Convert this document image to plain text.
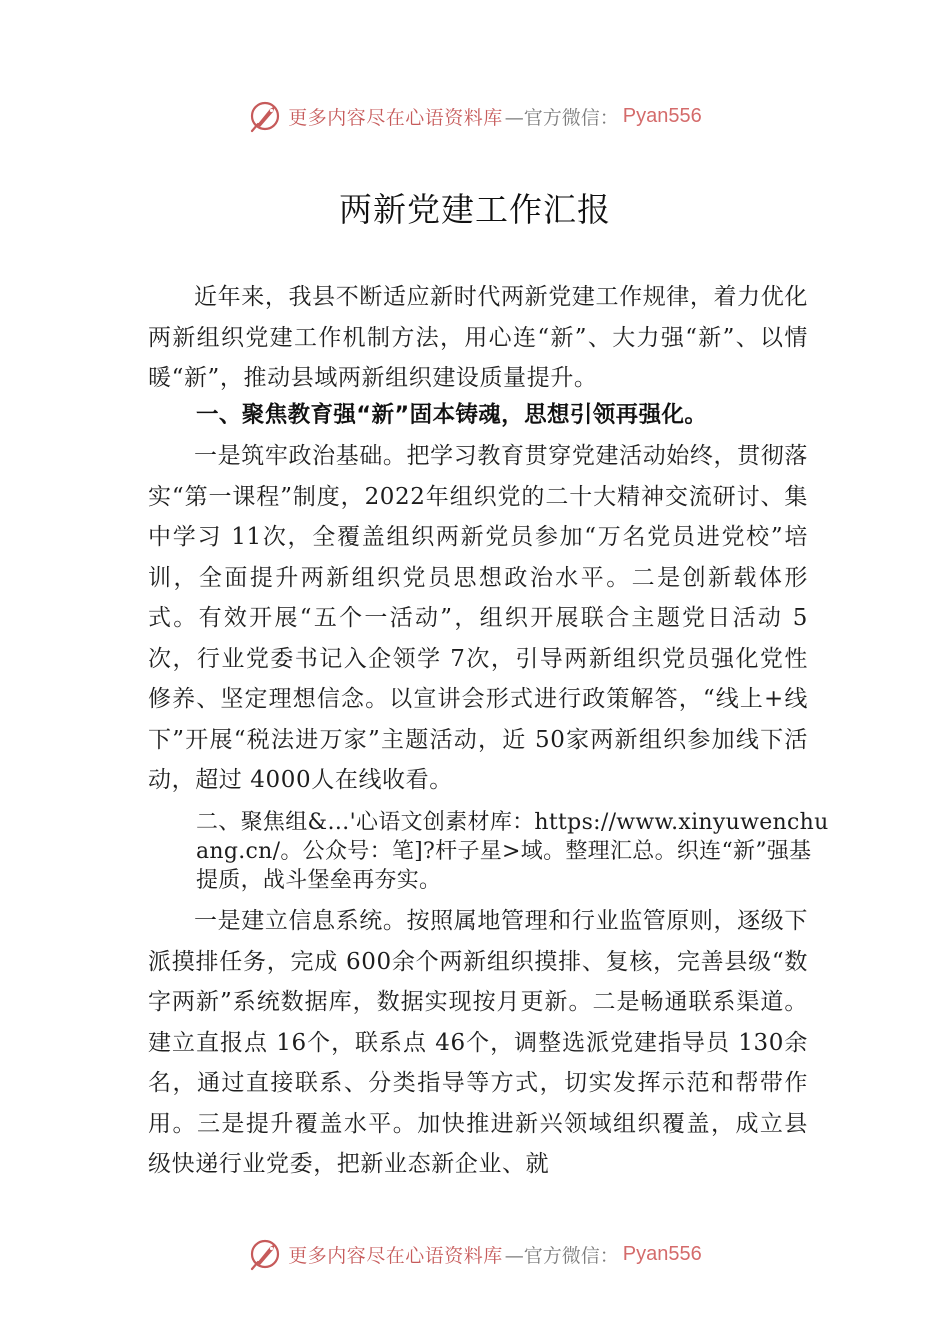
更多内容尽在心语资料库 —官方微信： Pyan556
两新党建工作汇报
近年来，我县不断适应新时代两新党建工作规律，着力优化两新组织党建工作机制方法，用心连“新”、大力强“新”、以情暖“新”，推动县域两新组织建设质量提升。
一、聚焦教育强“新”固本铸魂，思想引领再强化。
一是筑牢政治基础。把学习教育贯穿党建活动始终，贯彻落实“第一课程”制度，2022年组织党的二十大精神交流研讨、集中学习 11次，全覆盖组织两新党员参加“万名党员进党校”培训，全面提升两新组织党员思想政治水平。二是创新载体形式。有效开展“五个一活动”，组织开展联合主题党日活动 5次，行业党委书记入企领学 7次，引导两新组织党员强化党性修养、坚定理想信念。以宣讲会形式进行政策解答，“线上+线下”开展“税法进万家”主题活动，近 50家两新组织参加线下活动，超过 4000人在线收看。
二、聚焦组&…'心语文创素材库：https://www.xinyuwenchuang.cn/。公众号：笔]?杆子星>域。整理汇总。织连“新”强基提质，战斗堡垒再夯实。
一是建立信息系统。按照属地管理和行业监管原则，逐级下派摸排任务，完成 600余个两新组织摸排、复核，完善县级“数字两新”系统数据库，数据实现按月更新。二是畅通联系渠道。建立直报点 16个，联系点 46个，调整选派党建指导员 130余名，通过直接联系、分类指导等方式，切实发挥示范和帮带作用。三是提升覆盖水平。加快推进新兴领域组织覆盖，成立县级快递行业党委，把新业态新企业、就
更多内容尽在心语资料库 —官方微信： Pyan556
